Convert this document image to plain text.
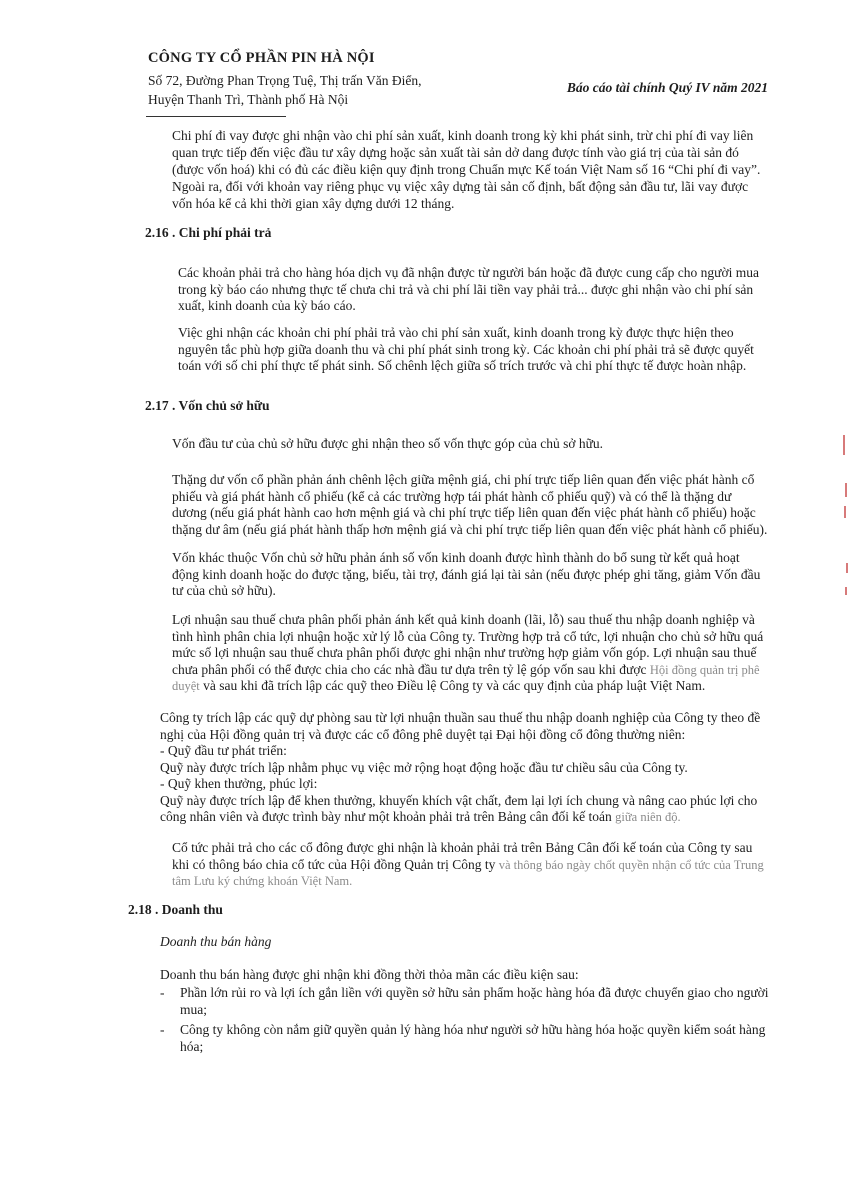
CÔNG TY CỔ PHẦN PIN HÀ NỘI
Số 72, Đường Phan Trọng Tuệ, Thị trấn Văn Điển,
Huyện Thanh Trì, Thành phố Hà Nội
Báo cáo tài chính Quý IV năm 2021

Chi phí đi vay được ghi nhận vào chi phí sản xuất, kinh doanh trong kỳ khi phát sinh, trừ chi phí đi vay liên quan trực tiếp đến việc đầu tư xây dựng hoặc sản xuất tài sản dở dang được tính vào giá trị của tài sản đó (được vốn hoá) khi có đủ các điều kiện quy định trong Chuẩn mực Kế toán Việt Nam số 16 “Chi phí đi vay”. Ngoài ra, đối với khoản vay riêng phục vụ việc xây dựng tài sản cố định, bất động sản đầu tư, lãi vay được vốn hóa kể cả khi thời gian xây dựng dưới 12 tháng.

2.16 . Chi phí phải trả

Các khoản phải trả cho hàng hóa dịch vụ đã nhận được từ người bán hoặc đã được cung cấp cho người mua trong kỳ báo cáo nhưng thực tế chưa chi trả và chi phí lãi tiền vay phải trả... được ghi nhận vào chi phí sản xuất, kinh doanh của kỳ báo cáo.

Việc ghi nhận các khoản chi phí phải trả vào chi phí sản xuất, kinh doanh trong kỳ được thực hiện theo nguyên tắc phù hợp giữa doanh thu và chi phí phát sinh trong kỳ. Các khoản chi phí phải trả sẽ được quyết toán với số chi phí thực tế phát sinh. Số chênh lệch giữa số trích trước và chi phí thực tế được hoàn nhập.

2.17 . Vốn chủ sở hữu

Vốn đầu tư của chủ sở hữu được ghi nhận theo số vốn thực góp của chủ sở hữu.

Thặng dư vốn cổ phần phản ánh chênh lệch giữa mệnh giá, chi phí trực tiếp liên quan đến việc phát hành cổ phiếu và giá phát hành cổ phiếu (kể cả các trường hợp tái phát hành cổ phiếu quỹ) và có thể là thặng dư dương (nếu giá phát hành cao hơn mệnh giá và chi phí trực tiếp liên quan đến việc phát hành cổ phiếu) hoặc thặng dư âm (nếu giá phát hành thấp hơn mệnh giá và chi phí trực tiếp liên quan đến việc phát hành cổ phiếu).

Vốn khác thuộc Vốn chủ sở hữu phản ánh số vốn kinh doanh được hình thành do bổ sung từ kết quả hoạt động kinh doanh hoặc do được tặng, biếu, tài trợ, đánh giá lại tài sản (nếu được phép ghi tăng, giảm Vốn đầu tư của chủ sở hữu).

Lợi nhuận sau thuế chưa phân phối phản ánh kết quả kinh doanh (lãi, lỗ) sau thuế thu nhập doanh nghiệp và tình hình phân chia lợi nhuận hoặc xử lý lỗ của Công ty. Trường hợp trả cổ tức, lợi nhuận cho chủ sở hữu quá mức số lợi nhuận sau thuế chưa phân phối được ghi nhận như trường hợp giảm vốn góp. Lợi nhuận sau thuế chưa phân phối có thể được chia cho các nhà đầu tư dựa trên tỷ lệ góp vốn sau khi được Hội đồng quản trị phê duyệt và sau khi đã trích lập các quỹ theo Điều lệ Công ty và các quy định của pháp luật Việt Nam.

Công ty trích lập các quỹ dự phòng sau từ lợi nhuận thuần sau thuế thu nhập doanh nghiệp của Công ty theo đề nghị của Hội đồng quản trị và được các cổ đông phê duyệt tại Đại hội đồng cổ đông thường niên:

- Quỹ đầu tư phát triển:

Quỹ này được trích lập nhằm phục vụ việc mở rộng hoạt động hoặc đầu tư chiều sâu của Công ty.

- Quỹ khen thưởng, phúc lợi:

Quỹ này được trích lập để khen thưởng, khuyến khích vật chất, đem lại lợi ích chung và nâng cao phúc lợi cho công nhân viên và được trình bày như một khoản phải trả trên Bảng cân đối kế toán giữa niên độ.

Cổ tức phải trả cho các cổ đông được ghi nhận là khoản phải trả trên Bảng Cân đối kế toán của Công ty sau khi có thông báo chia cổ tức của Hội đồng Quản trị Công ty và thông báo ngày chốt quyền nhận cổ tức của Trung tâm Lưu ký chứng khoán Việt Nam.

2.18 . Doanh thu
Doanh thu bán hàng

Doanh thu bán hàng được ghi nhận khi đồng thời thỏa mãn các điều kiện sau:

- Phần lớn rủi ro và lợi ích gắn liền với quyền sở hữu sản phẩm hoặc hàng hóa đã được chuyển giao cho người mua;

- Công ty không còn nắm giữ quyền quản lý hàng hóa như người sở hữu hàng hóa hoặc quyền kiểm soát hàng hóa;
